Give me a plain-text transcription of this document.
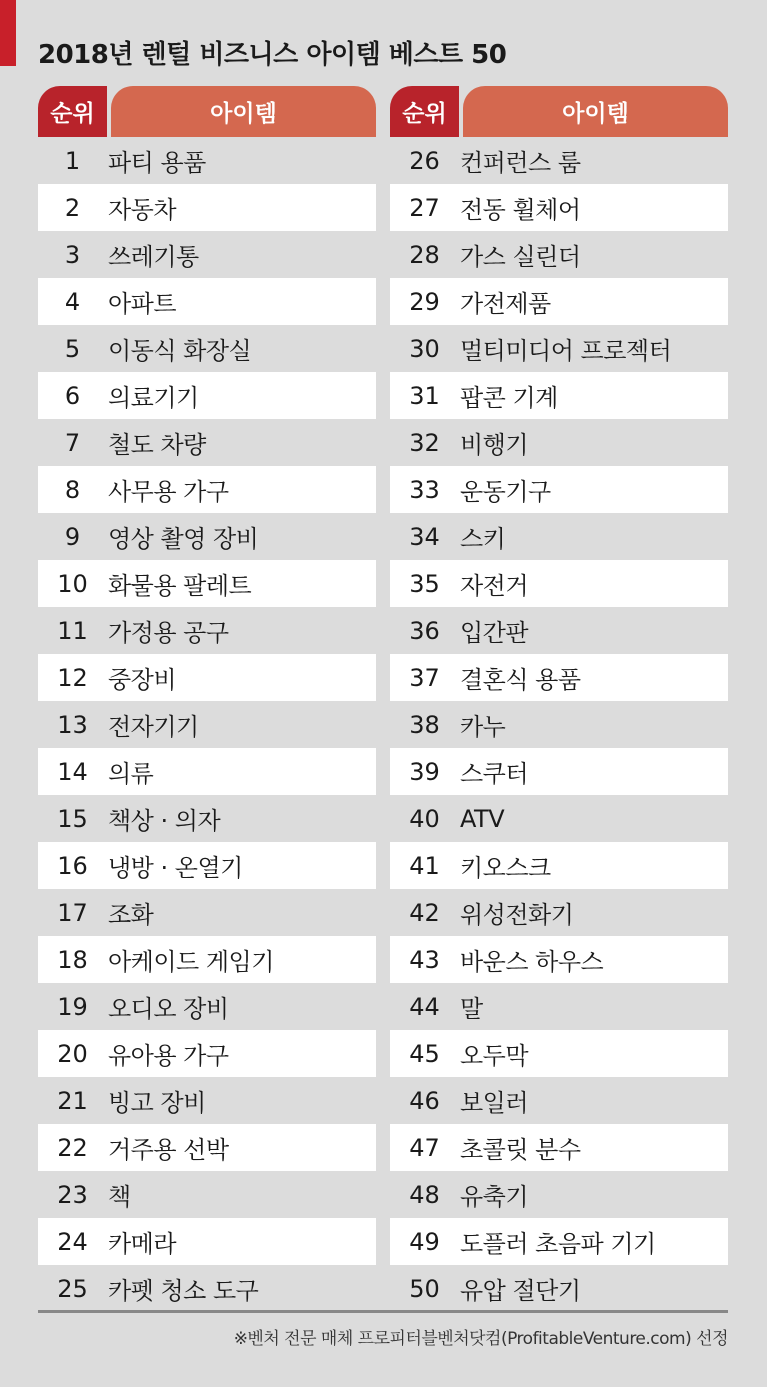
2018년 렌털 비즈니스 아이템 베스트 50
순위	아이템
1	파티 용품
2	자동차
3	쓰레기통
4	아파트
5	이동식 화장실
6	의료기기
7	철도 차량
8	사무용 가구
9	영상 촬영 장비
10 화물용 팔레트
11 가정용 공구
12 중장비
13 전자기기
14 의류
15 책상 · 의자
16 냉방 · 온열기
17 조화
18 아케이드 게임기
19 오디오 장비
20 유아용 가구
21 빙고 장비
22 거주용 선박
23 책
24 카메라
25 카펫 청소 도구
순위	아이템
26 컨퍼런스 룸
27 전동 휠체어
28 가스 실린더
29 가전제품
30 멀티미디어 프로젝터
31 팝콘 기계
32 비행기
33 운동기구
34 스키
35 자전거
36 입간판
37 결혼식 용품
38 카누
39 스쿠터
40 ATV
41 키오스크
42 위성전화기
43 바운스 하우스
44 말
45 오두막
46 보일러
47 초콜릿 분수
48 유축기
49 도플러 초음파 기기
50 유압 절단기
※벤처 전문 매체 프로피터블벤처닷컴(ProfitableVenture.com) 선정
